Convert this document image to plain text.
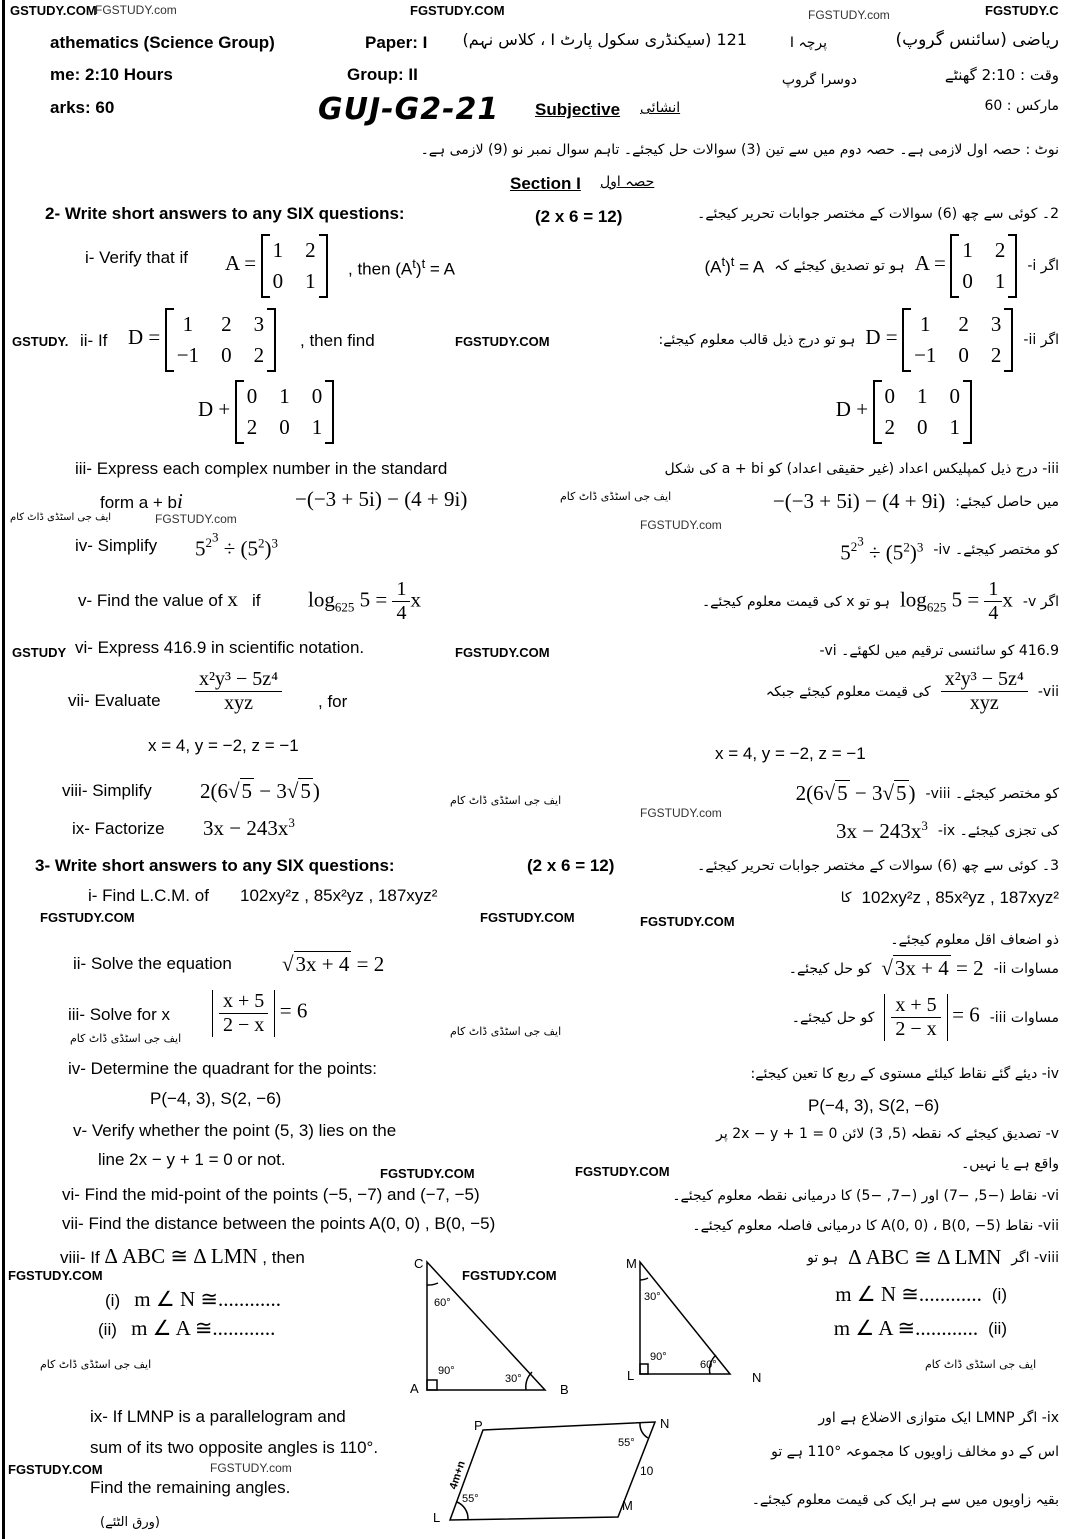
GSTUDY.COM
FGSTUDY.com	FGSTUDY.COM	FGSTUDY.com	FGSTUDY.C
GSTUDY.	FGSTUDY.COM
GSTUDY	FGSTUDY.COM
FGSTUDY.com	FGSTUDY.com
FGSTUDY.COM	FGSTUDY.COM	FGSTUDY.COM
FGSTUDY.COM	FGSTUDY.COM
FGSTUDY.com
FGSTUDY.COM	FGSTUDY.COM
FGSTUDY.COM	FGSTUDY.com
ایف جی اسٹڈی ڈاٹ کام
ایف جی اسٹڈی ڈاٹ کام
ایف جی اسٹڈی ڈاٹ کام
ایف جی اسٹڈی ڈاٹ کام
ایف جی اسٹڈی ڈاٹ کام	ایف جی اسٹڈی ڈاٹ کام
ایف جی اسٹڈی ڈاٹ کام
athematics (Science Group)	Paper: I 121 (سیکنڈری سکول پارٹ I ، کلاس نہم)	پرچہ I	ریاضی (سائنس گروپ)
me: 2:10 Hours	Group: II	دوسرا گروپ	وقت : 2:10 گھنٹے
arks: 60	GUJ-G2-21 Subjective انشائی	مارکس : 60
نوٹ : حصہ اول لازمی ہے۔ حصہ دوم میں سے تین (3) سوالات حل کیجئے۔ تاہم سوال نمبر نو (9) لازمی ہے۔
Section I حصہ اول
2- Write short answers to any SIX questions:	(2 x 6 = 12)	2۔ کوئی سے چھ (6) سوالات کے مختصر جوابات تحریر کیجئے۔
i- Verify that if A =
1 2
0 1 , then $(A^t)^t = A$	اگر i-
A =
1 2
0 1
ہو تو تصدیق کیجئے کہ
$(A^t)^t = A$
ii- If D =
1 2 3
−1 0 2
, then find
D +
0 1 0
2 0 1
اگر ii-
D =
1 2 3
−1 0 2
ہو تو درج ذیل قالب معلوم کیجئے:
D +
0 1 0
2 0 1
iii- Express each complex number in the standard
form a + bi	−(−3 + 5i) − (4 + 9i)
iii- درج ذیل کمپلیکس اعداد (غیر حقیقی اعداد) کو a + bi کی شکل
میں حاصل کیجئے:
−(−3 + 5i) − (4 + 9i)
iv- Simplify $5^{2^3} \div (5^2)^3$	کو مختصر کیجئے۔ iv-
$5^{2^3} \div (5^2)^3$
v- Find the value of x if $\log_{625} 5 = \frac{1}{4}$ x	اگر v-
$\log_{625} 5 = \frac{1}{4}$ x
ہو تو x کی قیمت معلوم کیجئے۔
vi- Express 416.9 in scientific notation.	416.9 کو سائنسی ترقیم میں لکھئے۔ vi-
vii- Evaluate $\frac{\text{x²y³ − 5z⁴}}{\text{xyz}}$ , for
x = 4, y = −2, z = −1
vii-
$\frac{\text{x²y³ − 5z⁴}}{\text{xyz}}$
کی قیمت معلوم کیجئے جبکہ
x = 4, y = −2, z = −1
viii- Simplify 2(6√5 − 3√5)	کو مختصر کیجئے۔ viii-
2(6√5 − 3√5)
ix- Factorize $3x - 243x^3$
کی تجزی کیجئے۔ ix-
$3x - 243x^3$
3- Write short answers to any SIX questions:	(2 x 6 = 12)	3۔ کوئی سے چھ (6) سوالات کے مختصر جوابات تحریر کیجئے۔
i- Find L.C.M. of 102xy²z , 85x²yz , 187xyz²	102xy²z , 85x²yz , 187xyz²
کا
ذو اضعاف اقل معلوم کیجئے۔
ii- Solve the equation √3x + 4 = 2	مساوات ii-
√3x + 4 = 2
کو حل کیجئے۔
iii- Solve for x $\frac{x + 5}{2 - x} = 6$	مساوات iii-
$\frac{x + 5}{2 - x} = 6$
کو حل کیجئے۔
iv- Determine the quadrant for the points:
P(−4, 3), S(2, −6)
iv- دیئے گئے نقاط کیلئے مستوی کے ربع کا تعین کیجئے:
P(−4, 3), S(2, −6)
v- Verify whether the point (5, 3) lies on the
line 2x − y + 1 = 0 or not.
v- تصدیق کیجئے کہ نقطہ (5, 3) لائن 2x − y + 1 = 0 پر
واقع ہے یا نہیں۔
vi- Find the mid-point of the points (−5, −7) and (−7, −5)	vi- نقاط (−5, −7) اور (−7, −5) کا درمیانی نقطہ معلوم کیجئے۔
vii- Find the distance between the points A(0, 0) , B(0, −5)	vii- نقاط A(0, 0) ، B(0, −5) کا درمیانی فاصلہ معلوم کیجئے۔
viii- If Δ ABC ≅ Δ LMN , then
(i) m ∠ N ≅............
(ii) m ∠ A ≅............
viii- اگر
Δ ABC ≅ Δ LMN
ہو تو
(i)
m ∠ N ≅............
(ii)
m ∠ A ≅............
C
A	B
60°
90°
30°
M
L	N
30°
90°
60°
P	N
M
L
55°
55°
10
4m+n
ix- If LMNP is a parallelogram and
sum of its two opposite angles is 110°.
Find the remaining angles.
ix- اگر LMNP ایک متوازی الاضلاع ہے اور
اس کے دو مخالف زاویوں کا مجموعہ °110 ہے تو
بقیہ زاویوں میں سے ہر ایک کی قیمت معلوم کیجئے۔
(ورق الٹئے)
